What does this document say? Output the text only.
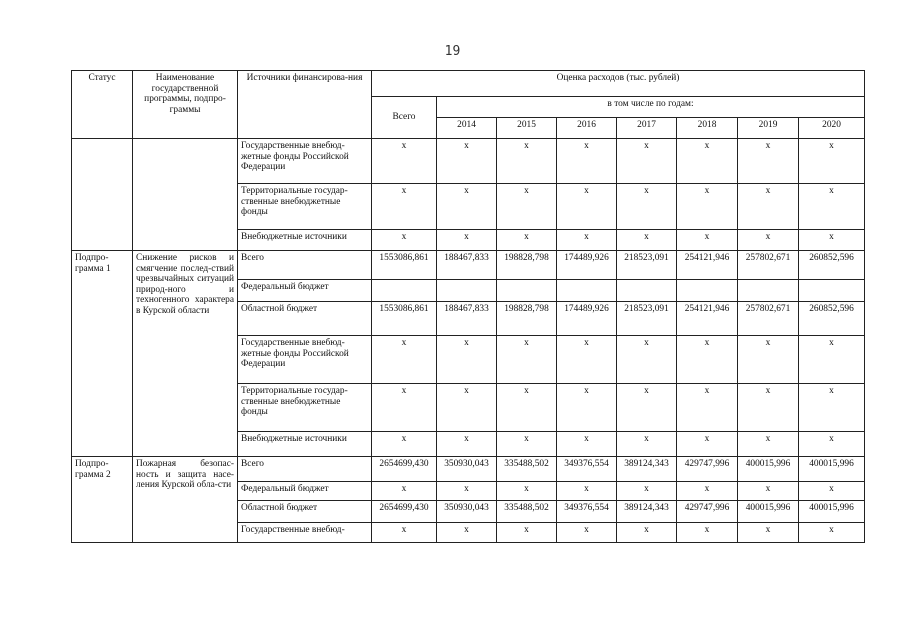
19
Статус	Наименование государственной программы, подпро-граммы	Источники финансирова-ния	Оценка расходов (тыс. рублей)							
			Всего	в том числе по годам:						
				2014	2015	2016	2017	2018	2019	2020
		Государственные внебюд-жетные фонды Российской Федерации	x	x	x	x	x	x	x	x
		Территориальные государ-ственные внебюджетные фонды	x	x	x	x	x	x	x	x
		Внебюджетные источники	x	x	x	x	x	x	x	x
Подпро-грамма 1	Снижение рисков и смягчение послед-ствий чрезвычайных ситуаций природ-ного и техногенного характера в Курской области	Всего	1553086,861	188467,833	198828,798	174489,926	218523,091	254121,946	257802,671	260852,596
		Федеральный бюджет								
		Областной бюджет	1553086,861	188467,833	198828,798	174489,926	218523,091	254121,946	257802,671	260852,596
		Государственные внебюд-жетные фонды Российской Федерации	x	x	x	x	x	x	x	x
		Территориальные государ-ственные внебюджетные фонды	x	x	x	x	x	x	x	x
		Внебюджетные источники	x	x	x	x	x	x	x	x
Подпро-грамма 2	Пожарная безопас-ность и защита насе-ления Курской обла-сти	Всего	2654699,430	350930,043	335488,502	349376,554	389124,343	429747,996	400015,996	400015,996
		Федеральный бюджет	x	x	x	x	x	x	x	x
		Областной бюджет	2654699,430	350930,043	335488,502	349376,554	389124,343	429747,996	400015,996	400015,996
		Государственные внебюд-	x	x	x	x	x	x	x	x
